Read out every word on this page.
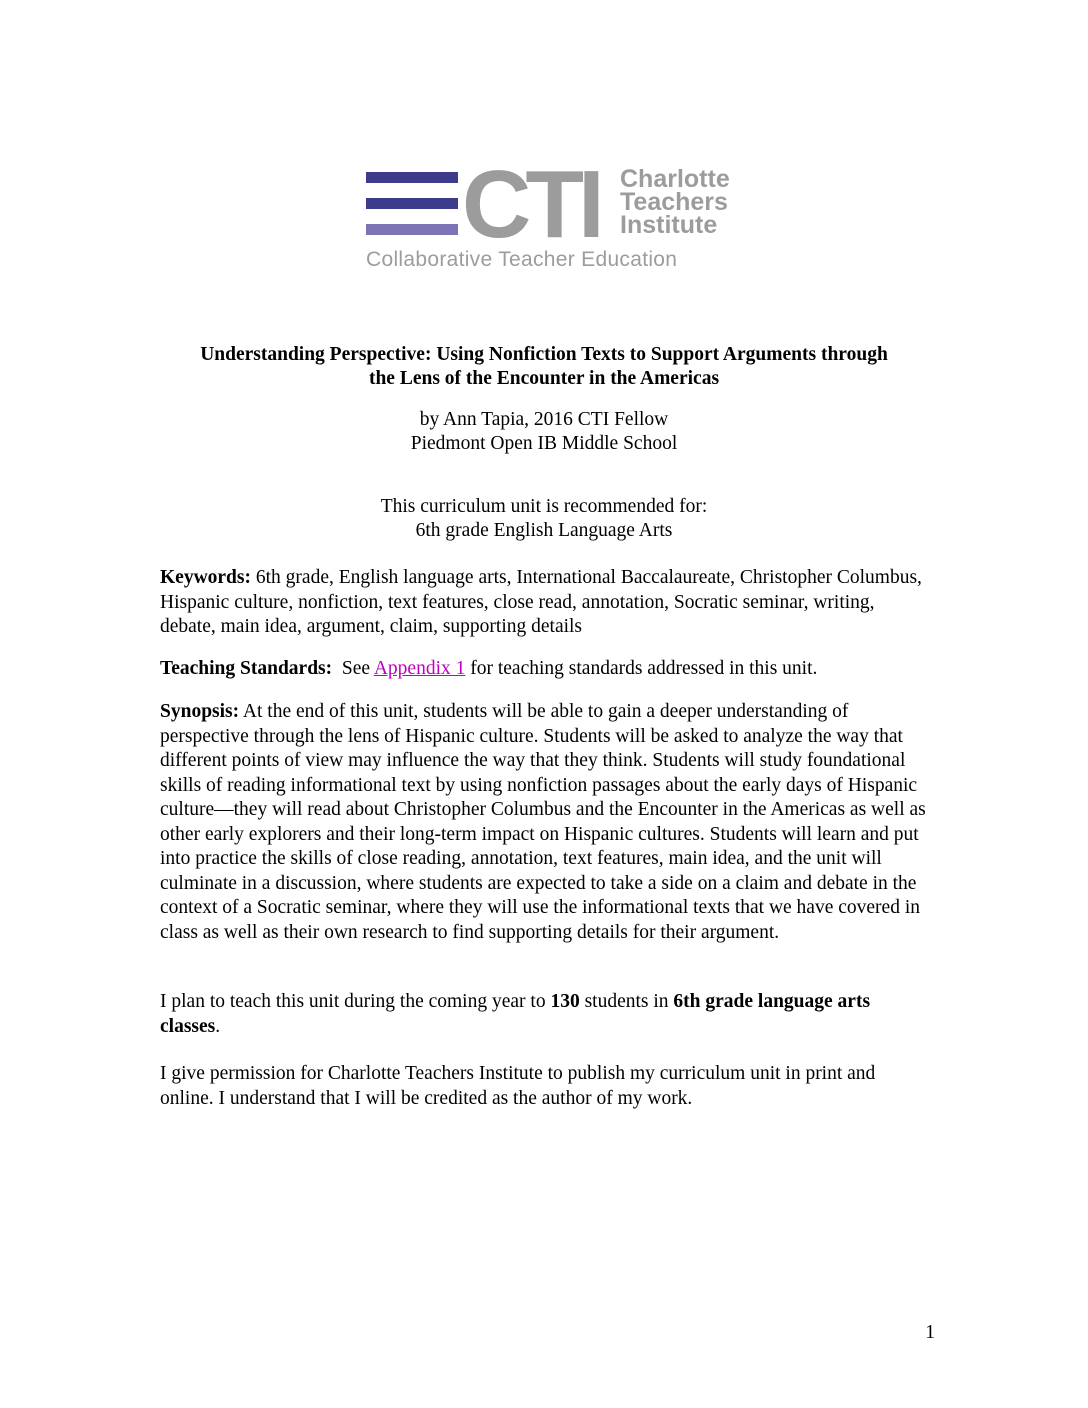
CTI Charlotte
Teachers
Institute
Collaborative Teacher Education
Understanding Perspective: Using Nonfiction Texts to Support Arguments through
the Lens of the Encounter in the Americas
by Ann Tapia, 2016 CTI Fellow
Piedmont Open IB Middle School
This curriculum unit is recommended for:
6th grade English Language Arts
Keywords: 6th grade, English language arts, International Baccalaureate, Christopher Columbus, Hispanic culture, nonfiction, text features, close read, annotation, Socratic seminar, writing, debate, main idea, argument, claim, supporting details
Teaching Standards:  See Appendix 1 for teaching standards addressed in this unit.
Synopsis: At the end of this unit, students will be able to gain a deeper understanding of perspective through the lens of Hispanic culture. Students will be asked to analyze the way that different points of view may influence the way that they think. Students will study foundational skills of reading informational text by using nonfiction passages about the early days of Hispanic culture—they will read about Christopher Columbus and the Encounter in the Americas as well as other early explorers and their long-term impact on Hispanic cultures. Students will learn and put into practice the skills of close reading, annotation, text features, main idea, and the unit will culminate in a discussion, where students are expected to take a side on a claim and debate in the context of a Socratic seminar, where they will use the informational texts that we have covered in class as well as their own research to find supporting details for their argument.
I plan to teach this unit during the coming year to 130 students in 6th grade language arts classes.
I give permission for Charlotte Teachers Institute to publish my curriculum unit in print and online. I understand that I will be credited as the author of my work.
1
